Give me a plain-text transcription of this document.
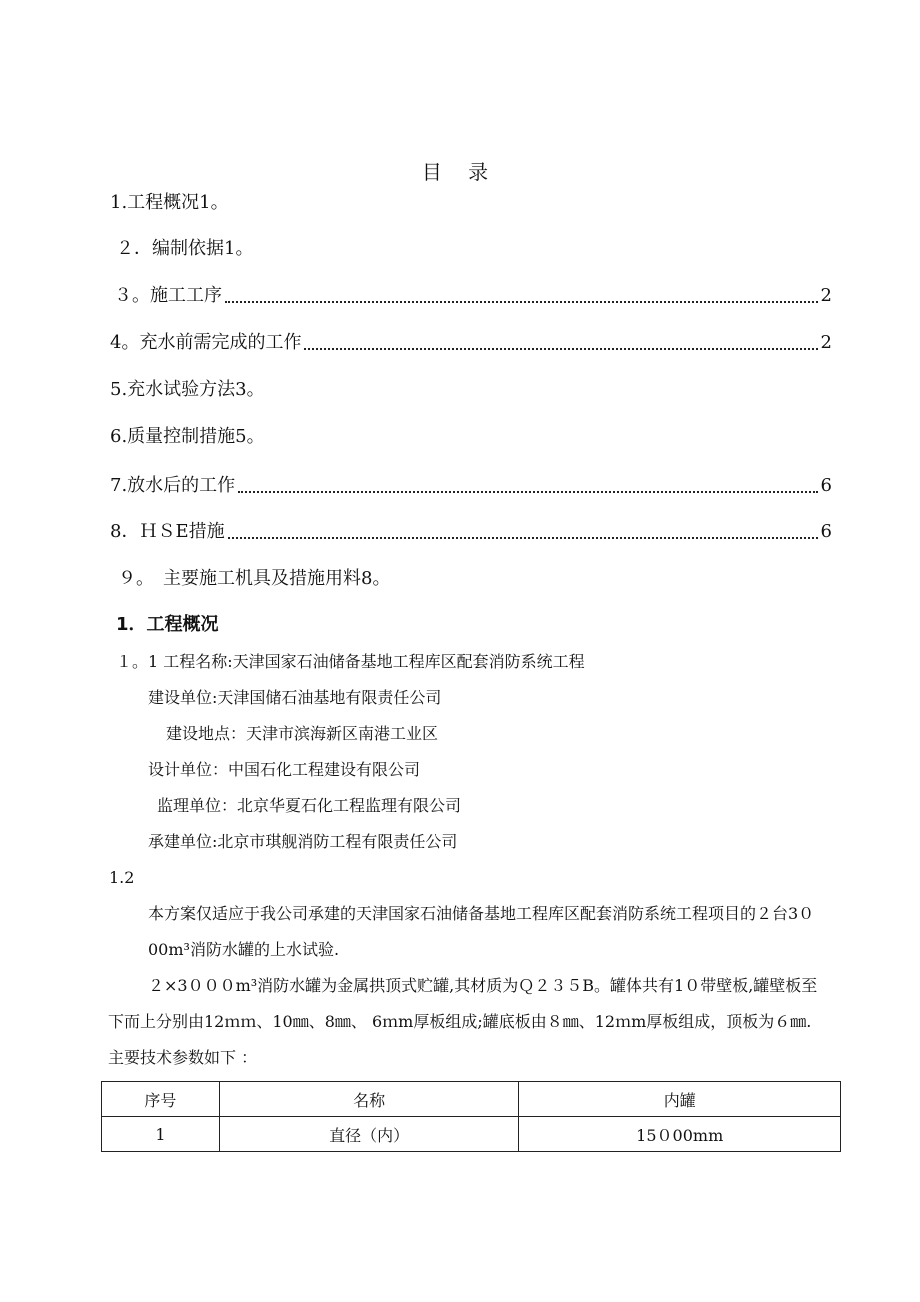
目 录
1.工程概况1。
２．编制依据1。
３。施工工序	2
4。充水前需完成的工作	2
5.充水试验方法3。
6.质量控制措施5。
7.放水后的工作	6
8．ＨＳE措施	6
９。　主要施工机具及措施用料8。
1．工程概况
１。1 工程名称:天津国家石油储备基地工程库区配套消防系统工程
建设单位:天津国储石油基地有限责任公司
建设地点：天津市滨海新区南港工业区
设计单位：中国石化工程建设有限公司
监理单位：北京华夏石化工程监理有限公司
承建单位:北京市琪舰消防工程有限责任公司
1.2
本方案仅适应于我公司承建的天津国家石油储备基地工程库区配套消防系统工程项目的２台3０00m³消防水罐的上水试验.
２×3０００m³消防水罐为金属拱顶式贮罐,其材质为Ｑ２３５B。罐体共有1０带壁板,罐壁板至下而上分别由12ｍｍ、10㎜、8㎜、 6ｍm厚板组成;罐底板由８㎜、12ｍm厚板组成，顶板为６㎜.主要技术参数如下 ：
序号	名称	内罐
1	直径（内）	15０00mm
